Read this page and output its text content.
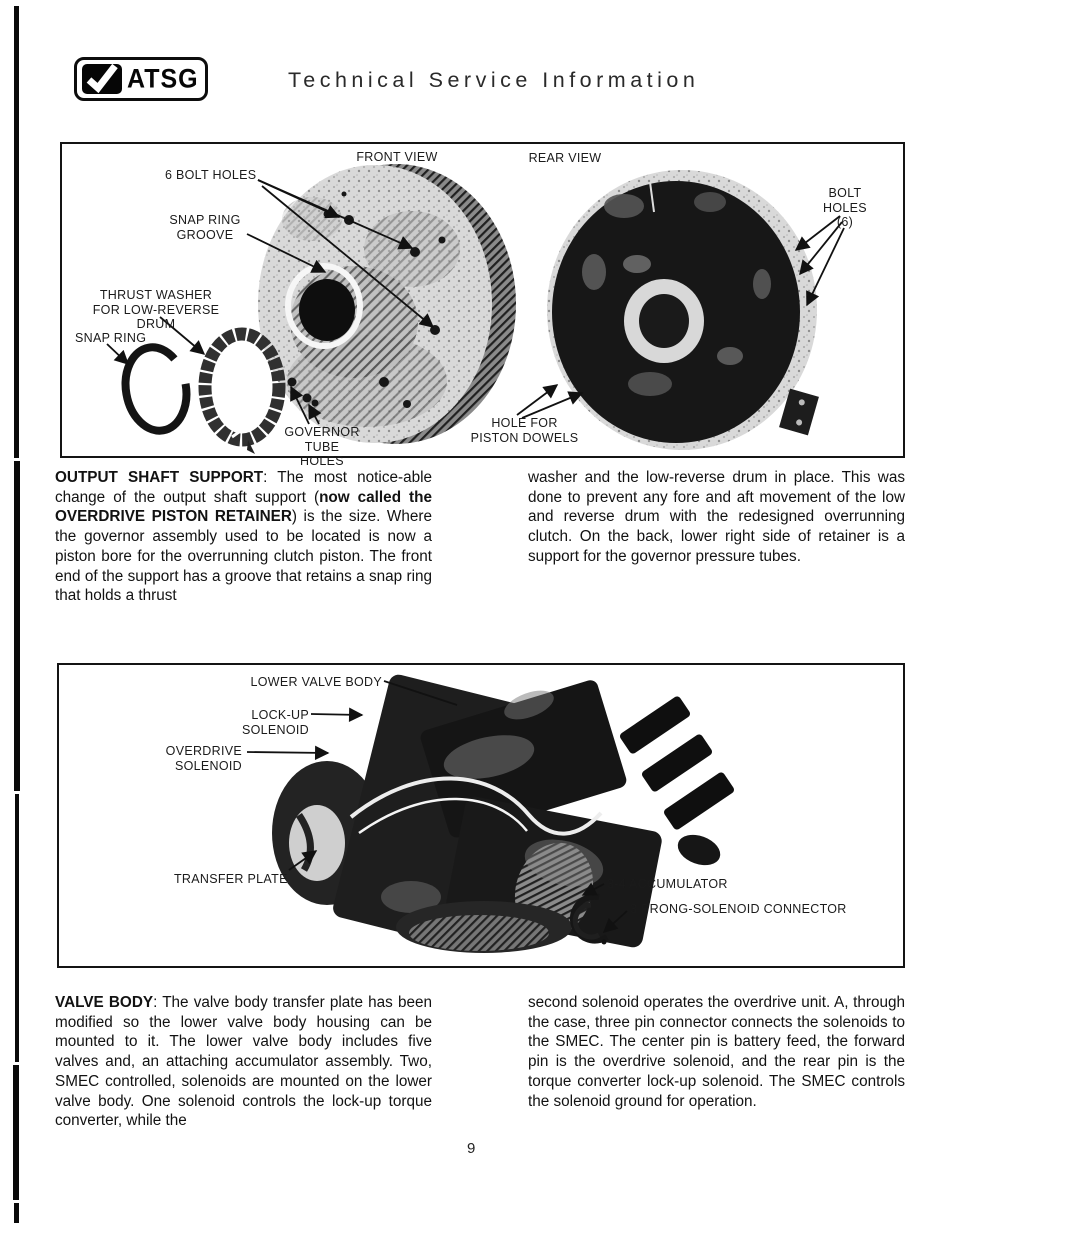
ATSG	Technical Service Information
FRONT VIEW	REAR VIEW
6 BOLT HOLES
SNAP RING
GROOVE
THRUST WASHER
FOR LOW-REVERSE DRUM
SNAP RING
GOVERNOR TUBE
HOLES
HOLE FOR
PISTON DOWELS
BOLT HOLES
(6)
OUTPUT SHAFT SUPPORT: The most notice-able change of the output shaft support (now called the OVERDRIVE PISTON RETAINER) is the size. Where the governor assembly used to be located is now a piston bore for the overrunning clutch piston. The front end of the support has a groove that retains a snap ring that holds a thrust
washer and the low-reverse drum in place. This was done to prevent any fore and aft movement of the low and reverse drum with the redesigned overrunning clutch. On the back, lower right side of retainer is a support for the governor pressure tubes.
LOWER VALVE BODY
LOCK-UP SOLENOID
OVERDRIVE SOLENOID
TRANSFER PLATE	3-4 ACCUMULATOR
3 PRONG-SOLENOID CONNECTOR
VALVE BODY: The valve body transfer plate has been modified so the lower valve body housing can be mounted to it. The lower valve body includes five valves and, an attaching accumulator assembly. Two, SMEC controlled, solenoids are mounted on the lower valve body. One solenoid controls the lock-up torque converter, while the
second solenoid operates the overdrive unit. A, through the case, three pin connector connects the solenoids to the SMEC. The center pin is battery feed, the forward pin is the overdrive solenoid, and the rear pin is the torque converter lock-up solenoid. The SMEC controls the solenoid ground for operation.
9
